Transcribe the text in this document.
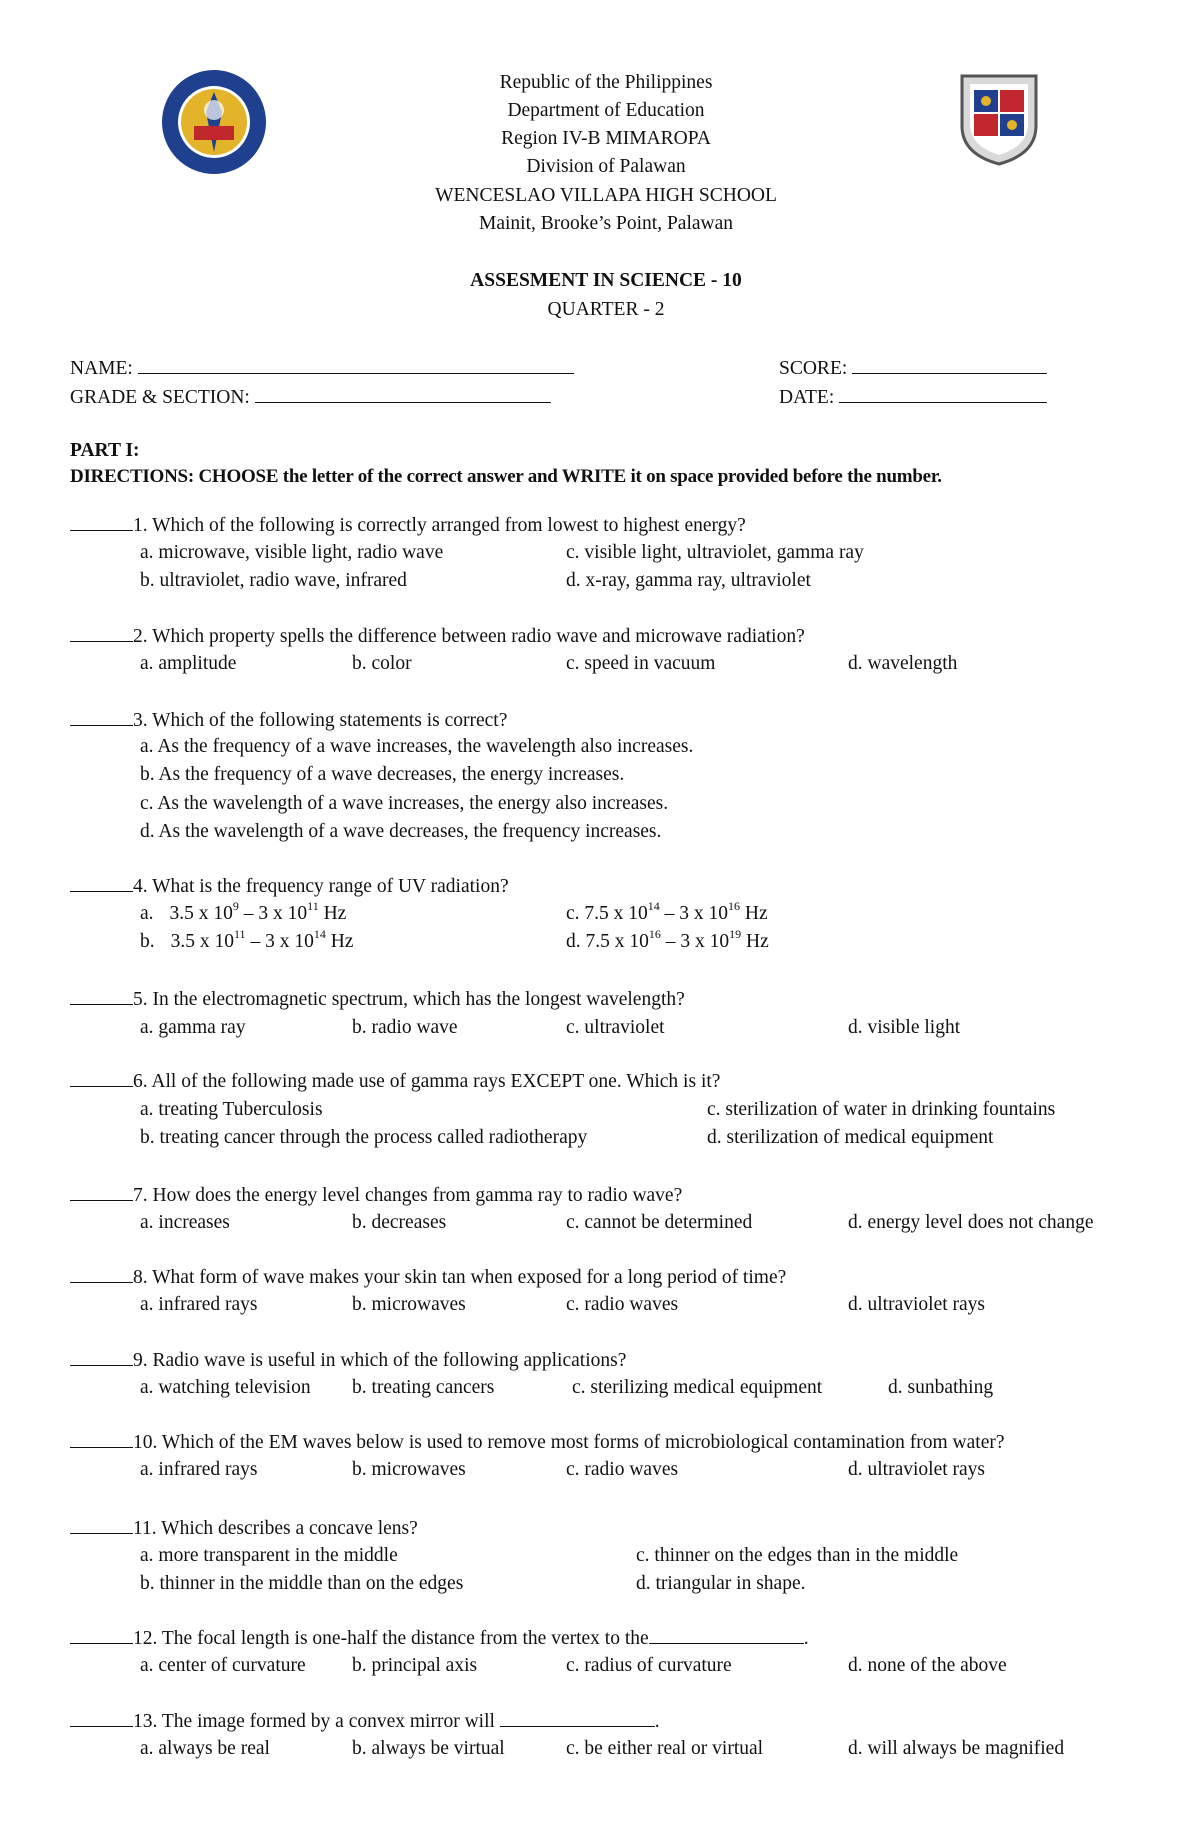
Republic of the Philippines
Department of Education
Region IV-B MIMAROPA
Division of Palawan
WENCESLAO VILLAPA HIGH SCHOOL
Mainit, Brooke’s Point, Palawan
ASSESMENT IN SCIENCE - 10
QUARTER - 2
NAME:
GRADE & SECTION:
SCORE:
DATE:
PART I:
DIRECTIONS: CHOOSE the letter of the correct answer and WRITE it on space provided before the number.
1. Which of the following is correctly arranged from lowest to highest energy?
a. microwave, visible light, radio wave	c. visible light, ultraviolet, gamma ray
b. ultraviolet, radio wave, infrared	d. x-ray, gamma ray, ultraviolet
2. Which property spells the difference between radio wave and microwave radiation?
a. amplitude	b. color	c. speed in vacuum	d. wavelength
3. Which of the following statements is correct?
a. As the frequency of a wave increases, the wavelength also increases.
b. As the frequency of a wave decreases, the energy increases.
c. As the wavelength of a wave increases, the energy also increases.
d. As the wavelength of a wave decreases, the frequency increases.
4. What is the frequency range of UV radiation?
a. 3.5 x $10^9 - 3$ x $10^{11}$ Hz	c. 7.5 x $10^{14} - 3$ x $10^{16}$ Hz
b. 3.5 x $10^{11} - 3$ x $10^{14}$ Hz	d. 7.5 x $10^{16} - 3$ x $10^{19}$ Hz
5. In the electromagnetic spectrum, which has the longest wavelength?
a. gamma ray	b. radio wave	c. ultraviolet	d. visible light
6. All of the following made use of gamma rays EXCEPT one. Which is it?
a. treating Tuberculosis	c. sterilization of water in drinking fountains
b. treating cancer through the process called radiotherapy	d. sterilization of medical equipment
7. How does the energy level changes from gamma ray to radio wave?
a. increases	b. decreases	c. cannot be determined	d. energy level does not change
8. What form of wave makes your skin tan when exposed for a long period of time?
a. infrared rays	b. microwaves	c. radio waves	d. ultraviolet rays
9. Radio wave is useful in which of the following applications?
a. watching television b. treating cancers	c. sterilizing medical equipment	d. sunbathing
10. Which of the EM waves below is used to remove most forms of microbiological contamination from water?
a. infrared rays	b. microwaves	c. radio waves	d. ultraviolet rays
11. Which describes a concave lens?
a. more transparent in the middle	c. thinner on the edges than in the middle
b. thinner in the middle than on the edges	d. triangular in shape.
12. The focal length is one-half the distance from the vertex to the	.
a. center of curvature b. principal axis	c. radius of curvature	d. none of the above
13. The image formed by a convex mirror will	.
a. always be real	b. always be virtual	c. be either real or virtual	d. will always be magnified
